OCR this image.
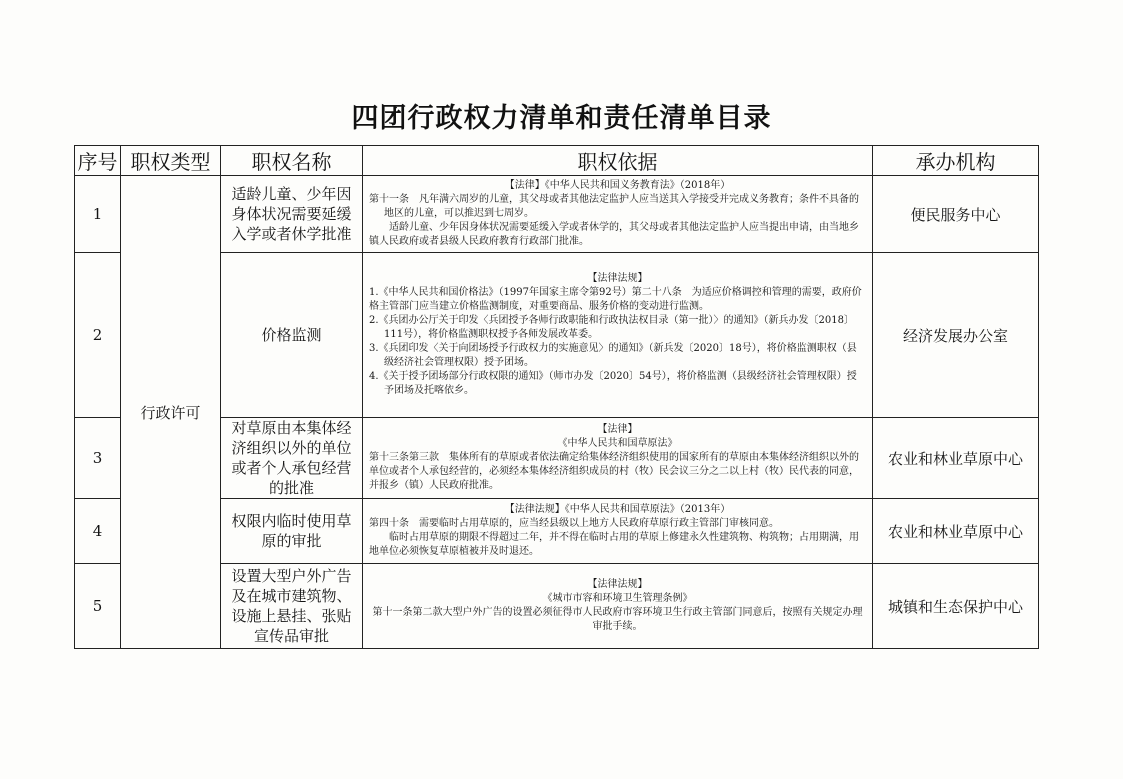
四团行政权力清单和责任清单目录
序号	职权类型	职权名称	职权依据	承办机构
1	行政许可	适龄儿童、少年因身体状况需要延缓入学或者休学批准	【法律】《中华人民共和国义务教育法》（2018年）

第十一条　凡年满六周岁的儿童，其父母或者其他法定监护人应当送其入学接受并完成义务教育；条件不具备的地区的儿童，可以推迟到七周岁。

适龄儿童、少年因身体状况需要延缓入学或者休学的，其父母或者其他法定监护人应当提出申请，由当地乡镇人民政府或者县级人民政府教育行政部门批准。	便民服务中心
2		价格监测	【法律法规】

1.《中华人民共和国价格法》（1997年国家主席令第92号）第二十八条　为适应价格调控和管理的需要，政府价格主管部门应当建立价格监测制度，对重要商品、服务价格的变动进行监测。

2.《兵团办公厅关于印发〈兵团授予各师行政职能和行政执法权目录（第一批）〉的通知》（新兵办发〔2018〕111号），将价格监测职权授予各师发展改革委。

3.《兵团印发〈关于向团场授予行政权力的实施意见〉的通知》（新兵发〔2020〕18号），将价格监测职权（县级经济社会管理权限）授予团场。

4.《关于授予团场部分行政权限的通知》（师市办发〔2020〕54号），将价格监测（县级经济社会管理权限）授予团场及托喀依乡。	经济发展办公室
3		对草原由本集体经济组织以外的单位或者个人承包经营的批准	【法律】

《中华人民共和国草原法》

第十三条第三款　集体所有的草原或者依法确定给集体经济组织使用的国家所有的草原由本集体经济组织以外的单位或者个人承包经营的，必须经本集体经济组织成员的村（牧）民会议三分之二以上村（牧）民代表的同意，并报乡（镇）人民政府批准。	农业和林业草原中心
4		权限内临时使用草原的审批	【法律法规】《中华人民共和国草原法》（2013年）

第四十条　需要临时占用草原的，应当经县级以上地方人民政府草原行政主管部门审核同意。

临时占用草原的期限不得超过二年，并不得在临时占用的草原上修建永久性建筑物、构筑物；占用期满，用地单位必须恢复草原植被并及时退还。	农业和林业草原中心
5		设置大型户外广告及在城市建筑物、设施上悬挂、张贴宣传品审批	【法律法规】

《城市市容和环境卫生管理条例》

第十一条第二款大型户外广告的设置必须征得市人民政府市容环境卫生行政主管部门同意后，按照有关规定办理审批手续。	城镇和生态保护中心
